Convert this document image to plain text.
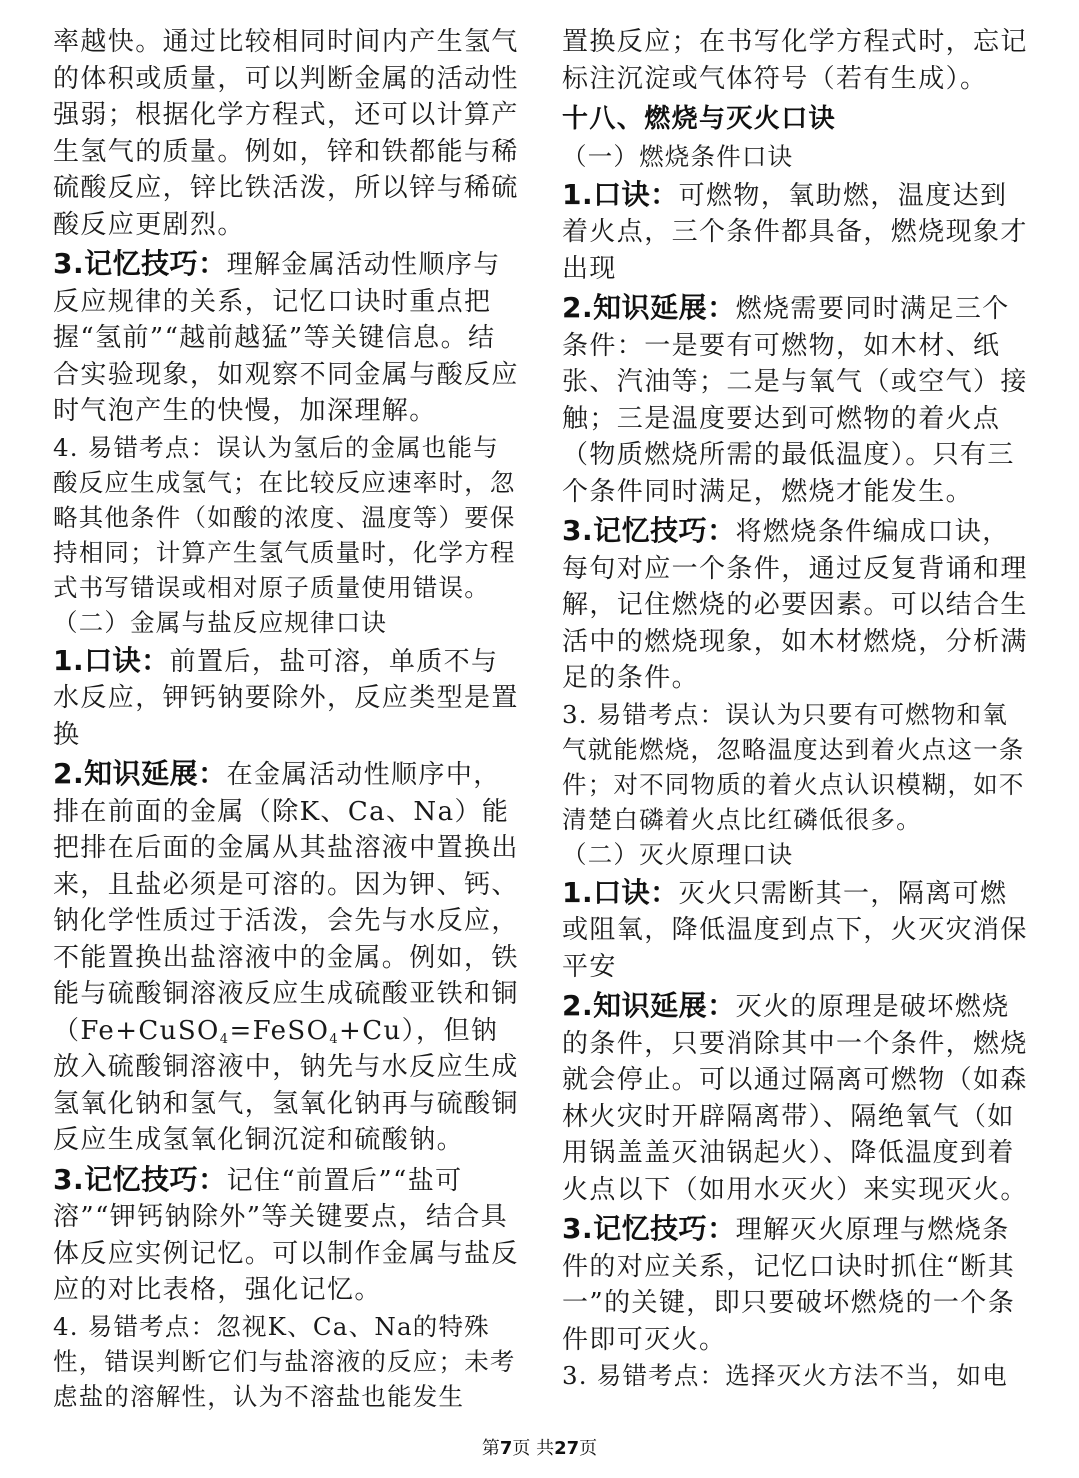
率越快。通过比较相同时间内产生氢气的体积或质量，可以判断金属的活动性强弱；根据化学方程式，还可以计算产生氢气的质量。例如，锌和铁都能与稀硫酸反应，锌比铁活泼，所以锌与稀硫酸反应更剧烈。
3.记忆技巧：理解金属活动性顺序与反应规律的关系，记忆口诀时重点把握“氢前”“越前越猛”等关键信息。结合实验现象，如观察不同金属与酸反应时气泡产生的快慢，加深理解。
4. 易错考点：误认为氢后的金属也能与酸反应生成氢气；在比较反应速率时，忽略其他条件（如酸的浓度、温度等）要保持相同；计算产生氢气质量时，化学方程式书写错误或相对原子质量使用错误。
（二）金属与盐反应规律口诀
1.口诀：前置后，盐可溶，单质不与水反应，钾钙钠要除外，反应类型是置换
2.知识延展：在金属活动性顺序中，排在前面的金属（除K、Ca、Na）能把排在后面的金属从其盐溶液中置换出来，且盐必须是可溶的。因为钾、钙、钠化学性质过于活泼，会先与水反应，不能置换出盐溶液中的金属。例如，铁能与硫酸铜溶液反应生成硫酸亚铁和铜（Fe+CuSO$_4$=FeSO$_4$+Cu），但钠放入硫酸铜溶液中，钠先与水反应生成氢氧化钠和氢气，氢氧化钠再与硫酸铜反应生成氢氧化铜沉淀和硫酸钠。
3.记忆技巧：记住“前置后”“盐可溶”“钾钙钠除外”等关键要点，结合具体反应实例记忆。可以制作金属与盐反应的对比表格，强化记忆。
4. 易错考点：忽视K、Ca、Na的特殊性，错误判断它们与盐溶液的反应；未考虑盐的溶解性，认为不溶盐也能发生
置换反应；在书写化学方程式时，忘记标注沉淀或气体符号（若有生成）。
十八、燃烧与灭火口诀
（一）燃烧条件口诀
1.口诀：可燃物，氧助燃，温度达到着火点，三个条件都具备，燃烧现象才出现
2.知识延展：燃烧需要同时满足三个条件：一是要有可燃物，如木材、纸张、汽油等；二是与氧气（或空气）接触；三是温度要达到可燃物的着火点（物质燃烧所需的最低温度）。只有三个条件同时满足，燃烧才能发生。
3.记忆技巧：将燃烧条件编成口诀，每句对应一个条件，通过反复背诵和理解，记住燃烧的必要因素。可以结合生活中的燃烧现象，如木材燃烧，分析满足的条件。
3. 易错考点：误认为只要有可燃物和氧气就能燃烧，忽略温度达到着火点这一条件；对不同物质的着火点认识模糊，如不清楚白磷着火点比红磷低很多。
（二）灭火原理口诀
1.口诀：灭火只需断其一，隔离可燃或阻氧，降低温度到点下，火灭灾消保平安
2.知识延展：灭火的原理是破坏燃烧的条件，只要消除其中一个条件，燃烧就会停止。可以通过隔离可燃物（如森林火灾时开辟隔离带）、隔绝氧气（如用锅盖盖灭油锅起火）、降低温度到着火点以下（如用水灭火）来实现灭火。
3.记忆技巧：理解灭火原理与燃烧条件的对应关系，记忆口诀时抓住“断其一”的关键，即只要破坏燃烧的一个条件即可灭火。
3. 易错考点：选择灭火方法不当，如电
第7页 共27页
